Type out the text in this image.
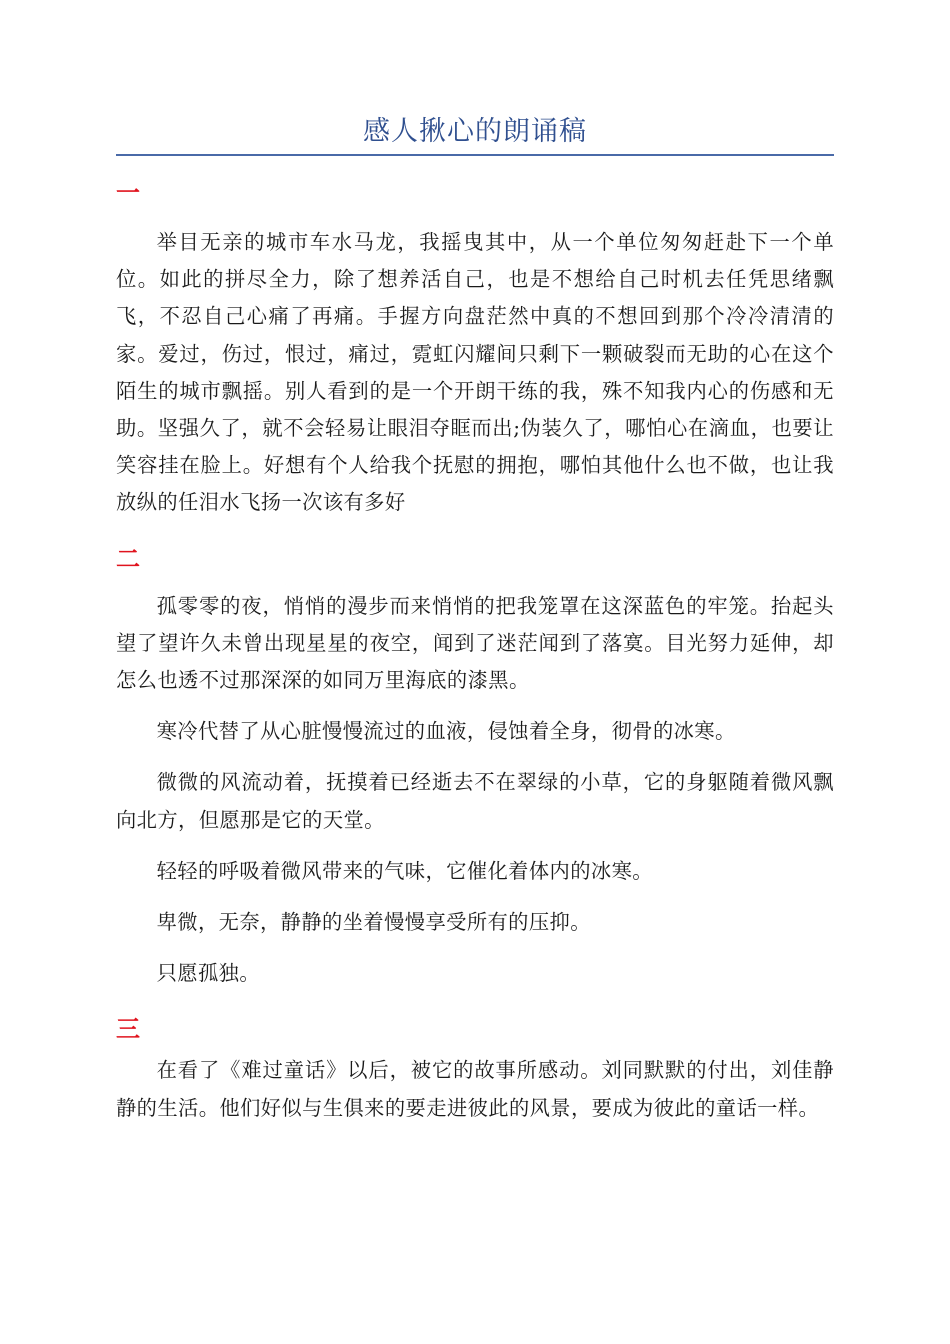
感人揪心的朗诵稿
一

举目无亲的城市车水马龙，我摇曳其中，从一个单位匆匆赶赴下一个单位。如此的拼尽全力，除了想养活自己，也是不想给自己时机去任凭思绪飘飞，不忍自己心痛了再痛。手握方向盘茫然中真的不想回到那个冷冷清清的家。爱过，伤过，恨过，痛过，霓虹闪耀间只剩下一颗破裂而无助的心在这个陌生的城市飘摇。别人看到的是一个开朗干练的我，殊不知我内心的伤感和无助。坚强久了，就不会轻易让眼泪夺眶而出;伪装久了，哪怕心在滴血，也要让笑容挂在脸上。好想有个人给我个抚慰的拥抱，哪怕其他什么也不做，也让我放纵的任泪水飞扬一次该有多好

二

孤零零的夜，悄悄的漫步而来悄悄的把我笼罩在这深蓝色的牢笼。抬起头望了望许久未曾出现星星的夜空，闻到了迷茫闻到了落寞。目光努力延伸，却怎么也透不过那深深的如同万里海底的漆黑。

寒冷代替了从心脏慢慢流过的血液，侵蚀着全身，彻骨的冰寒。

微微的风流动着，抚摸着已经逝去不在翠绿的小草，它的身躯随着微风飘向北方，但愿那是它的天堂。

轻轻的呼吸着微风带来的气味，它催化着体内的冰寒。

卑微，无奈，静静的坐着慢慢享受所有的压抑。

只愿孤独。

三

在看了《难过童话》以后，被它的故事所感动。刘同默默的付出，刘佳静静的生活。他们好似与生俱来的要走进彼此的风景，要成为彼此的童话一样。
